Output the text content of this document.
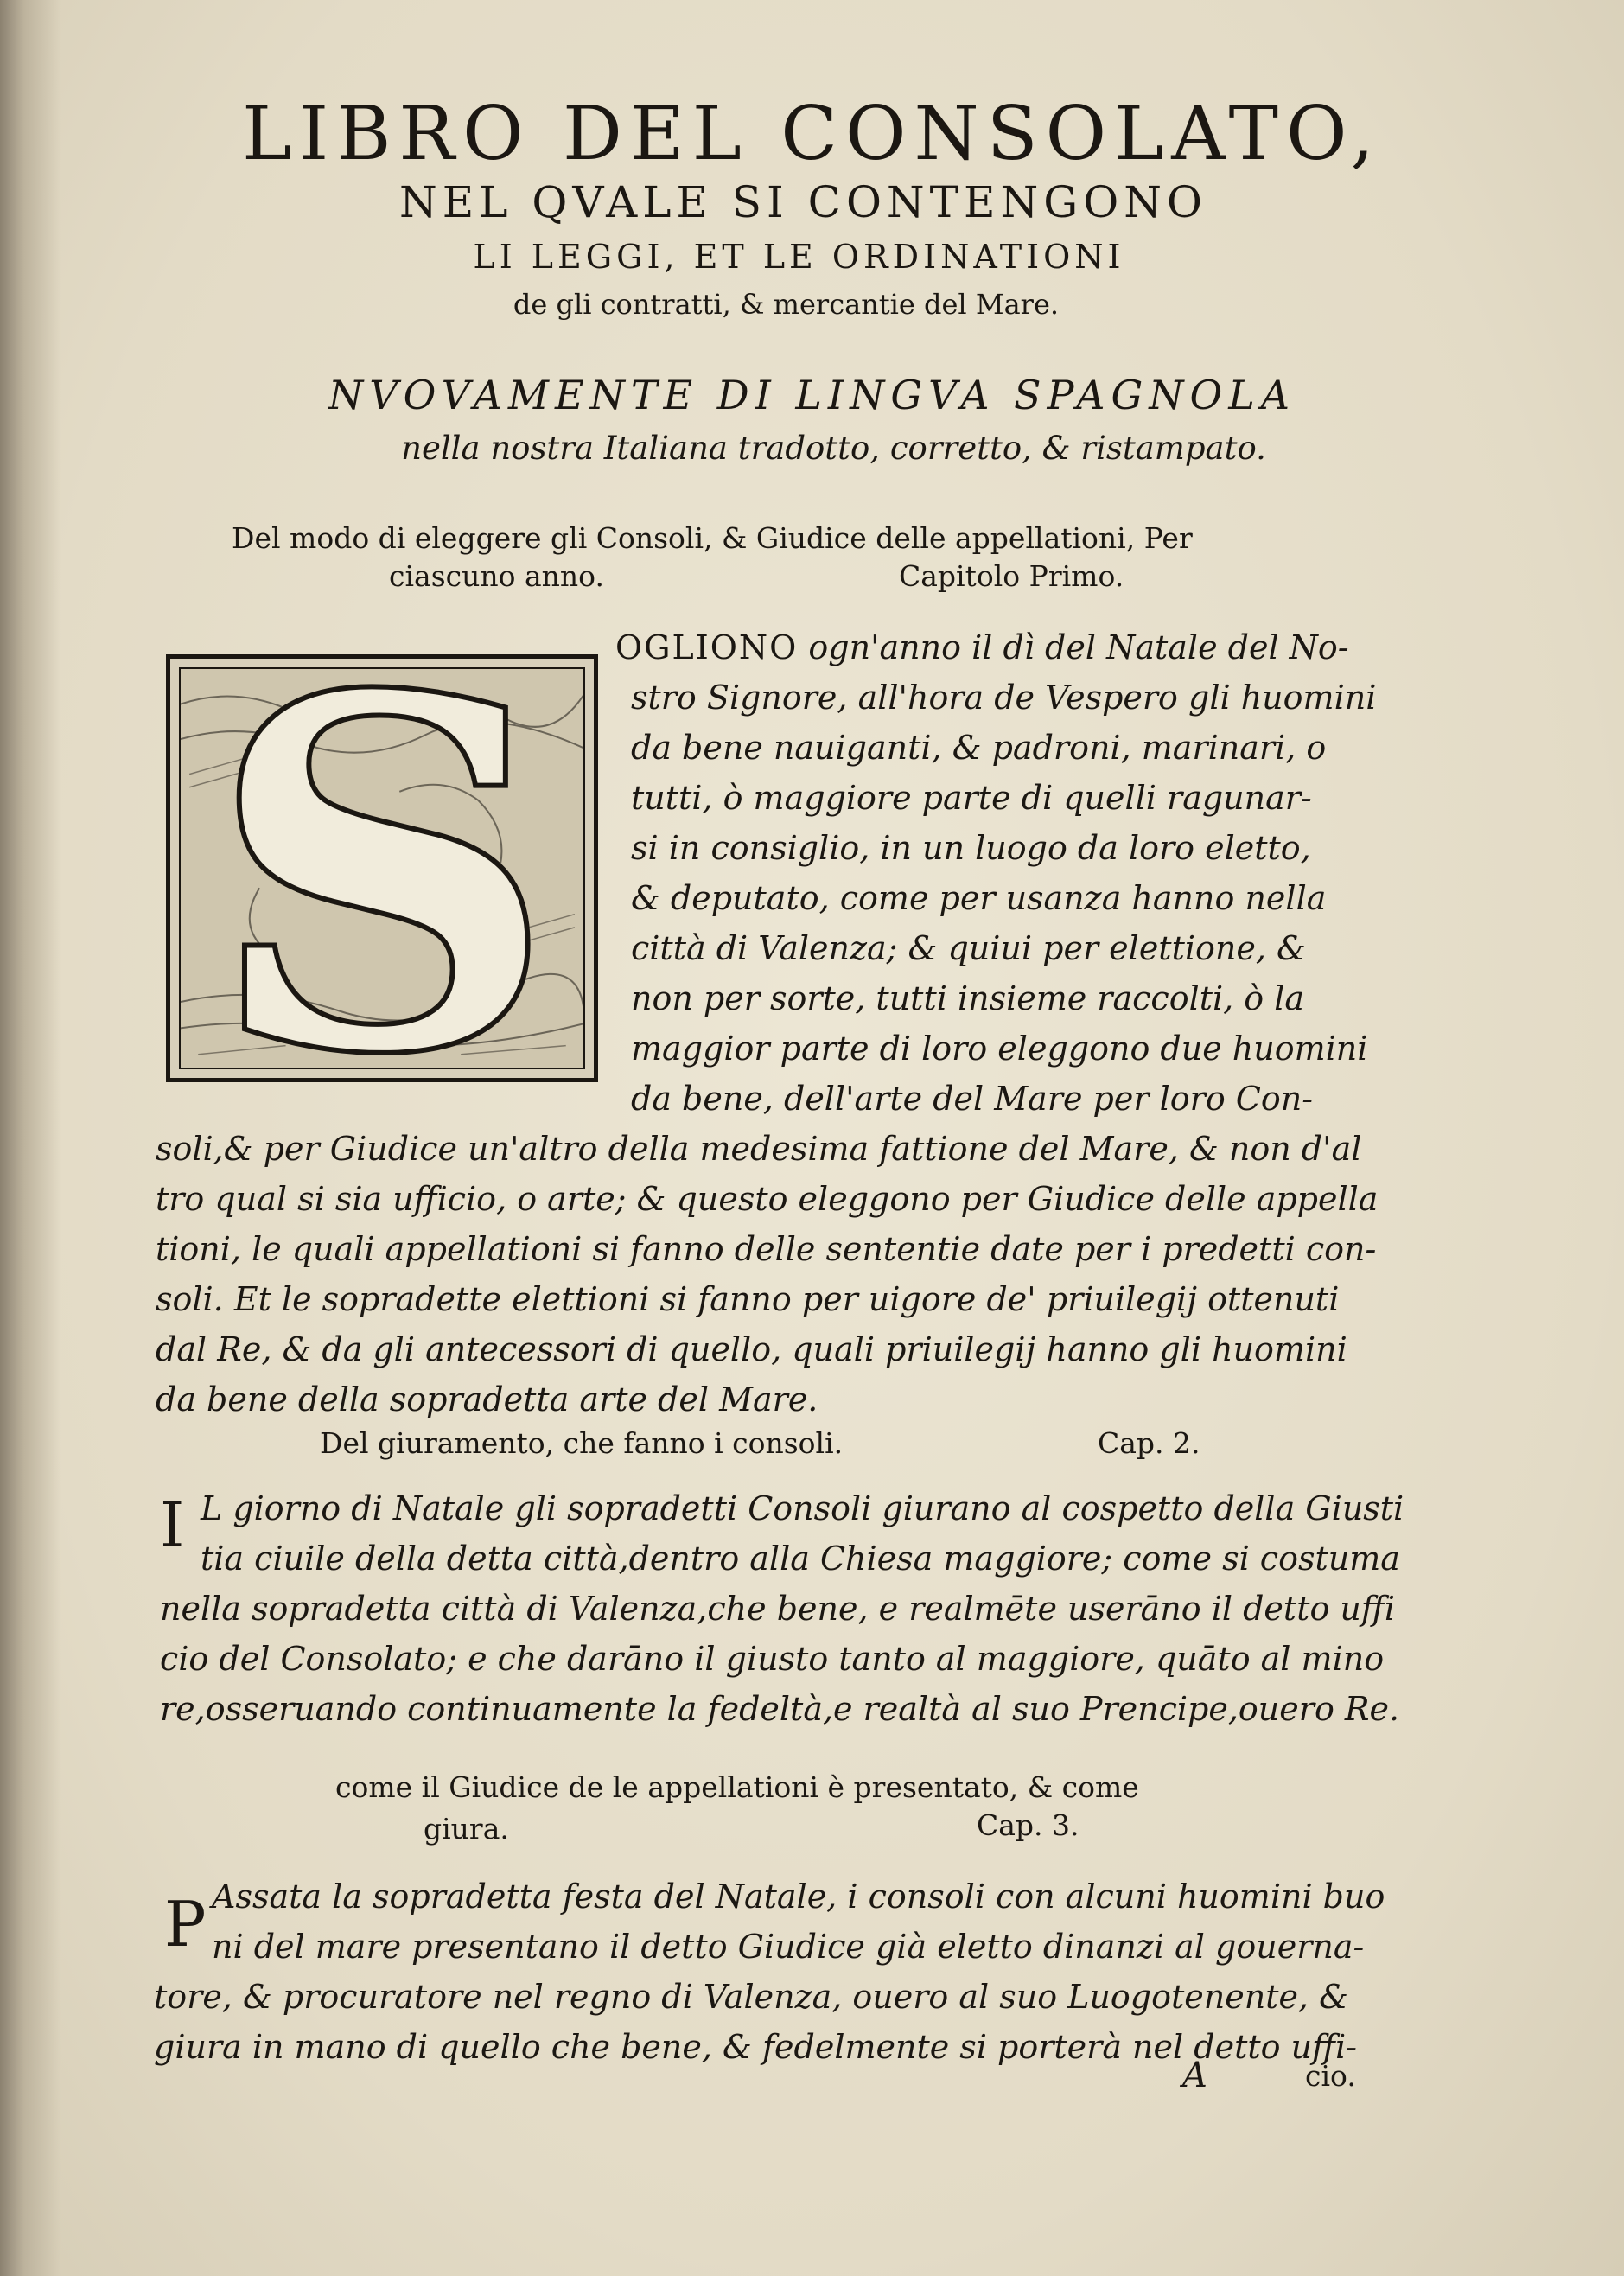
LIBRO DEL CONSOLATO,
NEL QVALE SI CONTENGONO
LI LEGGI, ET LE ORDINATIONI
de gli contratti, & mercantie del Mare.
NVOVAMENTE DI LINGVA SPAGNOLA
nella nostra Italiana tradotto, corretto, & ristampato.
Del modo di eleggere gli Consoli, & Giudice delle appellationi, Per
ciascuno anno.	Capitolo Primo.
S	OGLIONO ogn'anno il dì del Natale del No-
stro Signore, all'hora de Vespero gli huomini
da bene nauiganti, & padroni, marinari, o
tutti, ò maggiore parte di quelli ragunar-
si in consiglio, in un luogo da loro eletto,
& deputato, come per usanza hanno nella
città di Valenza; & quiui per elettione, &
non per sorte, tutti insieme raccolti, ò la
maggior parte di loro eleggono due huomini
da bene, dell'arte del Mare per loro Con-
soli,& per Giudice un'altro della medesima fattione del Mare, & non d'al
tro qual si sia ufficio, o arte; & questo eleggono per Giudice delle appella
tioni, le quali appellationi si fanno delle sententie date per i predetti con-
soli. Et le sopradette elettioni si fanno per uigore de' priuilegij ottenuti
dal Re, & da gli antecessori di quello, quali priuilegij hanno gli huomini
da bene della sopradetta arte del Mare.
Del giuramento, che fanno i consoli.	Cap. 2.
I L giorno di Natale gli sopradetti Consoli giurano al cospetto della Giusti
tia ciuile della detta città,dentro alla Chiesa maggiore; come si costuma
nella sopradetta città di Valenza,che bene, e realmēte userāno il detto uffi
cio del Consolato; e che darāno il giusto tanto al maggiore, quāto al mino
re,osseruando continuamente la fedeltà,e realtà al suo Prencipe,ouero Re.
come il Giudice de le appellationi è presentato, & come
giura.	Cap. 3.
P Assata la sopradetta festa del Natale, i consoli con alcuni huomini buo
ni del mare presentano il detto Giudice già eletto dinanzi al gouerna-
tore, & procuratore nel regno di Valenza, ouero al suo Luogotenente, &
giura in mano di quello che bene, & fedelmente si porterà nel detto uffi-
A	cio.
